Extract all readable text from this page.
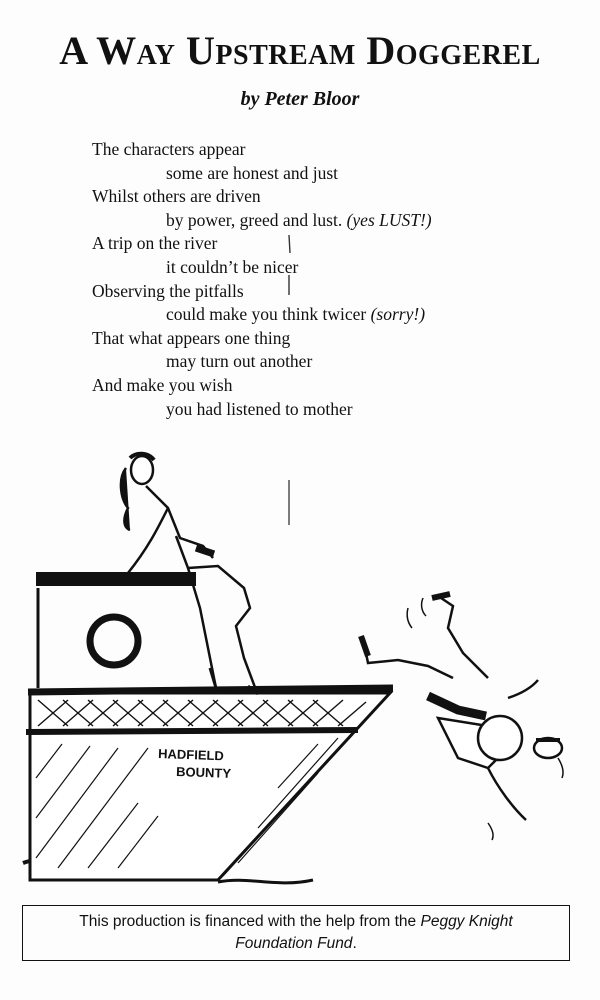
A Way Upstream Doggerel
by Peter Bloor
The characters appear
some are honest and just
Whilst others are driven
by power, greed and lust. (yes LUST!)
A trip on the river
it couldn’t be nicer
Observing the pitfalls
could make you think twicer (sorry!)
That what appears one thing
may turn out another
And make you wish
you had listened to mother
HADFIELD
BOUNTY
This production is financed with the help from the Peggy Knight
Foundation Fund.
